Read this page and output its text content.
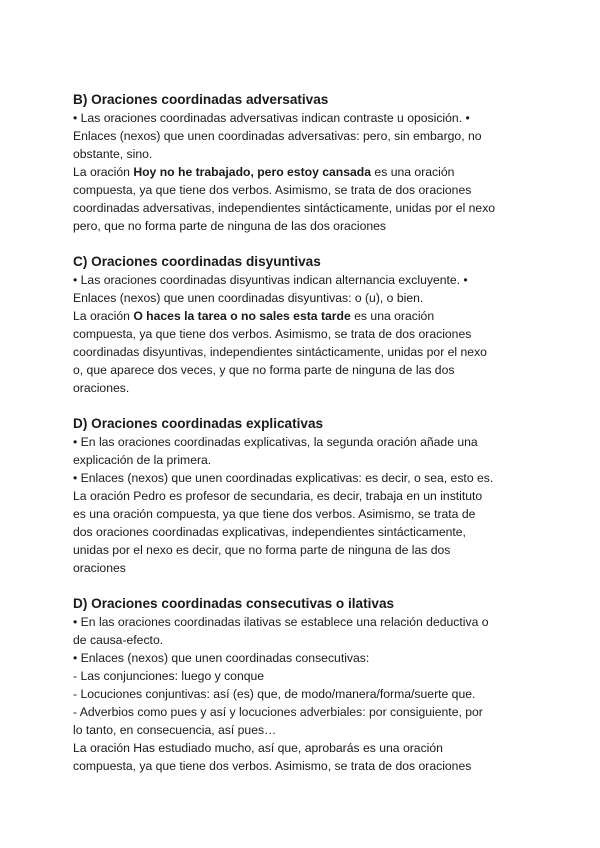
B) Oraciones coordinadas adversativas

• Las oraciones coordinadas adversativas indican contraste u oposición. •

Enlaces (nexos) que unen coordinadas adversativas: pero, sin embargo, no

obstante, sino.

La oración Hoy no he trabajado, pero estoy cansada es una oración

compuesta, ya que tiene dos verbos. Asimismo, se trata de dos oraciones

coordinadas adversativas, independientes sintácticamente, unidas por el nexo

pero, que no forma parte de ninguna de las dos oraciones

C) Oraciones coordinadas disyuntivas

• Las oraciones coordinadas disyuntivas indican alternancia excluyente. •

Enlaces (nexos) que unen coordinadas disyuntivas: o (u), o bien.

La oración O haces la tarea o no sales esta tarde es una oración

compuesta, ya que tiene dos verbos. Asimismo, se trata de dos oraciones

coordinadas disyuntivas, independientes sintácticamente, unidas por el nexo

o, que aparece dos veces, y que no forma parte de ninguna de las dos

oraciones.

D) Oraciones coordinadas explicativas

• En las oraciones coordinadas explicativas, la segunda oración añade una

explicación de la primera.

• Enlaces (nexos) que unen coordinadas explicativas: es decir, o sea, esto es.

La oración Pedro es profesor de secundaria, es decir, trabaja en un instituto

es una oración compuesta, ya que tiene dos verbos. Asimismo, se trata de

dos oraciones coordinadas explicativas, independientes sintácticamente,

unidas por el nexo es decir, que no forma parte de ninguna de las dos

oraciones

D) Oraciones coordinadas consecutivas o ilativas

• En las oraciones coordinadas ilativas se establece una relación deductiva o

de causa-efecto.

• Enlaces (nexos) que unen coordinadas consecutivas:

- Las conjunciones: luego y conque

- Locuciones conjuntivas: así (es) que, de modo/manera/forma/suerte que.

- Adverbios como pues y así y locuciones adverbiales: por consiguiente, por

lo tanto, en consecuencia, así pues…

La oración Has estudiado mucho, así que, aprobarás es una oración

compuesta, ya que tiene dos verbos. Asimismo, se trata de dos oraciones
